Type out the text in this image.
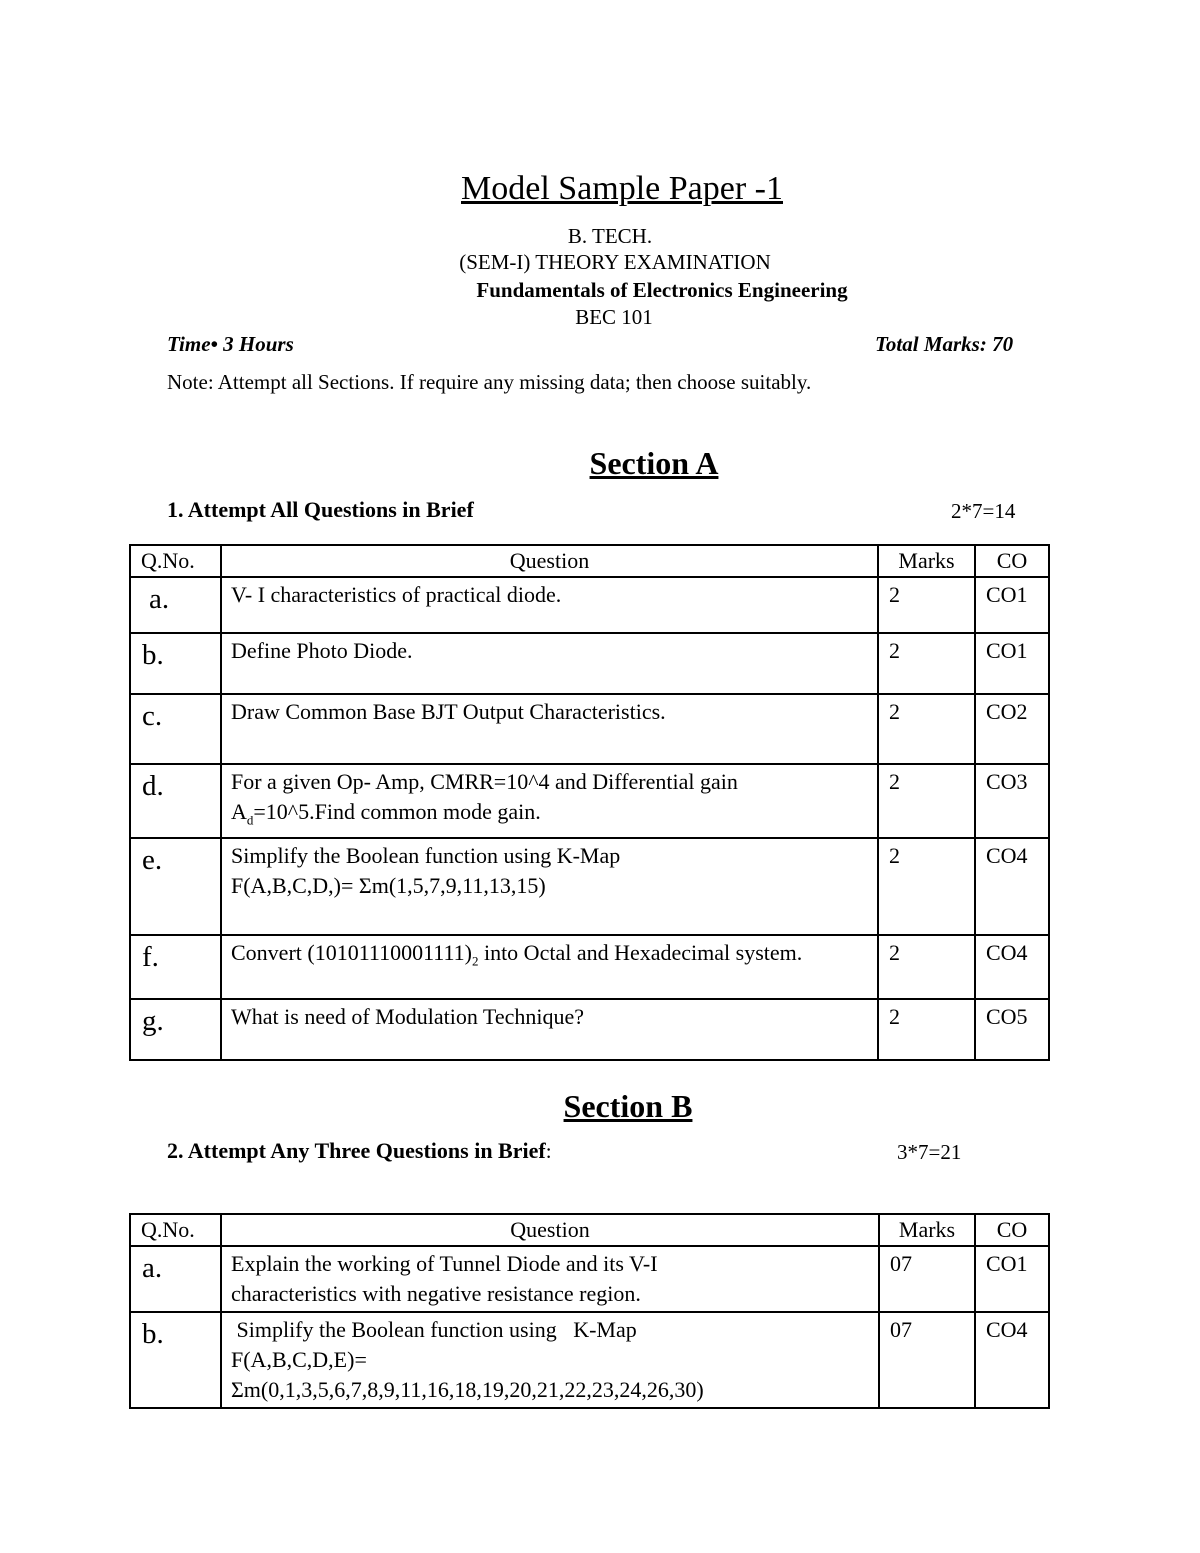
Model Sample Paper -1
B. TECH.
(SEM-I) THEORY EXAMINATION
Fundamentals of Electronics Engineering
BEC 101
Time• 3 Hours	Total Marks: 70
Note: Attempt all Sections. If require any missing data; then choose suitably.
Section A
1. Attempt All Questions in Brief	2*7=14
Q.No.	Question	Marks	CO
a.	V- I characteristics of practical diode.	2	CO1
b.	Define Photo Diode.	2	CO1
c.	Draw Common Base BJT Output Characteristics.	2	CO2
d.	For a given Op- Amp, CMRR=10^4 and Differential gain
$A_d=10\^{}5.Find$ common mode gain.	2	CO3
e.	Simplify the Boolean function using K-Map
F(A,B,C,D,)= Σm(1,5,7,9,11,13,15)	2	CO4
f.	Convert $(10101110001111)_2$ into Octal and Hexadecimal system.	2	CO4
g.	What is need of Modulation Technique?	2	CO5
Section B
2. Attempt Any Three Questions in Brief:	3*7=21
Q.No.	Question	Marks	CO
a.	Explain the working of Tunnel Diode and its V-I
characteristics with negative resistance region.	07	CO1
b.	Simplify the Boolean function using   K-Map
F(A,B,C,D,E)=
Σm(0,1,3,5,6,7,8,9,11,16,18,19,20,21,22,23,24,26,30)	07	CO4
